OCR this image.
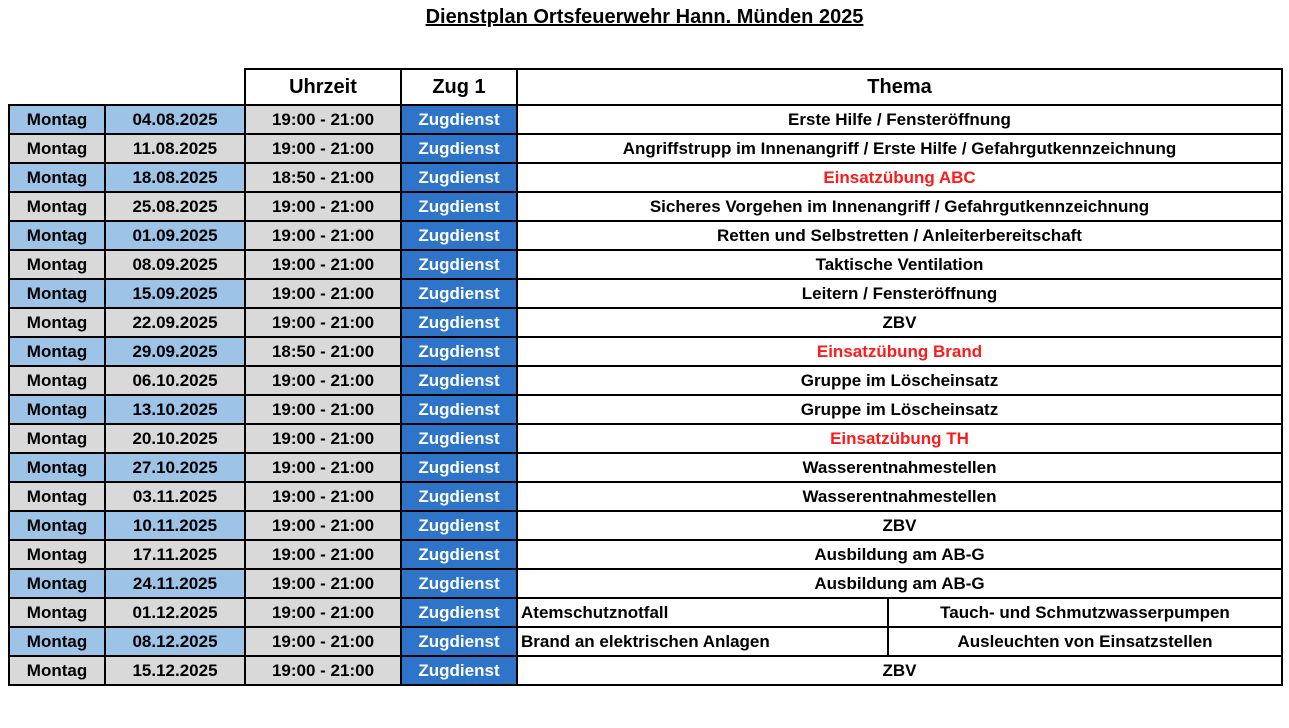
Dienstplan Ortsfeuerwehr Hann. Münden 2025
		Uhrzeit	Zug 1	Thema	
Montag	04.08.2025	19:00 - 21:00	Zugdienst	Erste Hilfe / Fensteröffnung	
Montag	11.08.2025	19:00 - 21:00	Zugdienst	Angriffstrupp im Innenangriff / Erste Hilfe / Gefahrgutkennzeichnung	
Montag	18.08.2025	18:50 - 21:00	Zugdienst	Einsatzübung ABC	
Montag	25.08.2025	19:00 - 21:00	Zugdienst	Sicheres Vorgehen im Innenangriff / Gefahrgutkennzeichnung	
Montag	01.09.2025	19:00 - 21:00	Zugdienst	Retten und Selbstretten / Anleiterbereitschaft	
Montag	08.09.2025	19:00 - 21:00	Zugdienst	Taktische Ventilation	
Montag	15.09.2025	19:00 - 21:00	Zugdienst	Leitern / Fensteröffnung	
Montag	22.09.2025	19:00 - 21:00	Zugdienst	ZBV	
Montag	29.09.2025	18:50 - 21:00	Zugdienst	Einsatzübung Brand	
Montag	06.10.2025	19:00 - 21:00	Zugdienst	Gruppe im Löscheinsatz	
Montag	13.10.2025	19:00 - 21:00	Zugdienst	Gruppe im Löscheinsatz	
Montag	20.10.2025	19:00 - 21:00	Zugdienst	Einsatzübung TH	
Montag	27.10.2025	19:00 - 21:00	Zugdienst	Wasserentnahmestellen	
Montag	03.11.2025	19:00 - 21:00	Zugdienst	Wasserentnahmestellen	
Montag	10.11.2025	19:00 - 21:00	Zugdienst	ZBV	
Montag	17.11.2025	19:00 - 21:00	Zugdienst	Ausbildung am AB-G	
Montag	24.11.2025	19:00 - 21:00	Zugdienst	Ausbildung am AB-G	
Montag	01.12.2025	19:00 - 21:00	Zugdienst	Atemschutznotfall	Tauch- und Schmutzwasserpumpen
Montag	08.12.2025	19:00 - 21:00	Zugdienst	Brand an elektrischen Anlagen	Ausleuchten von Einsatzstellen
Montag	15.12.2025	19:00 - 21:00	Zugdienst	ZBV	
